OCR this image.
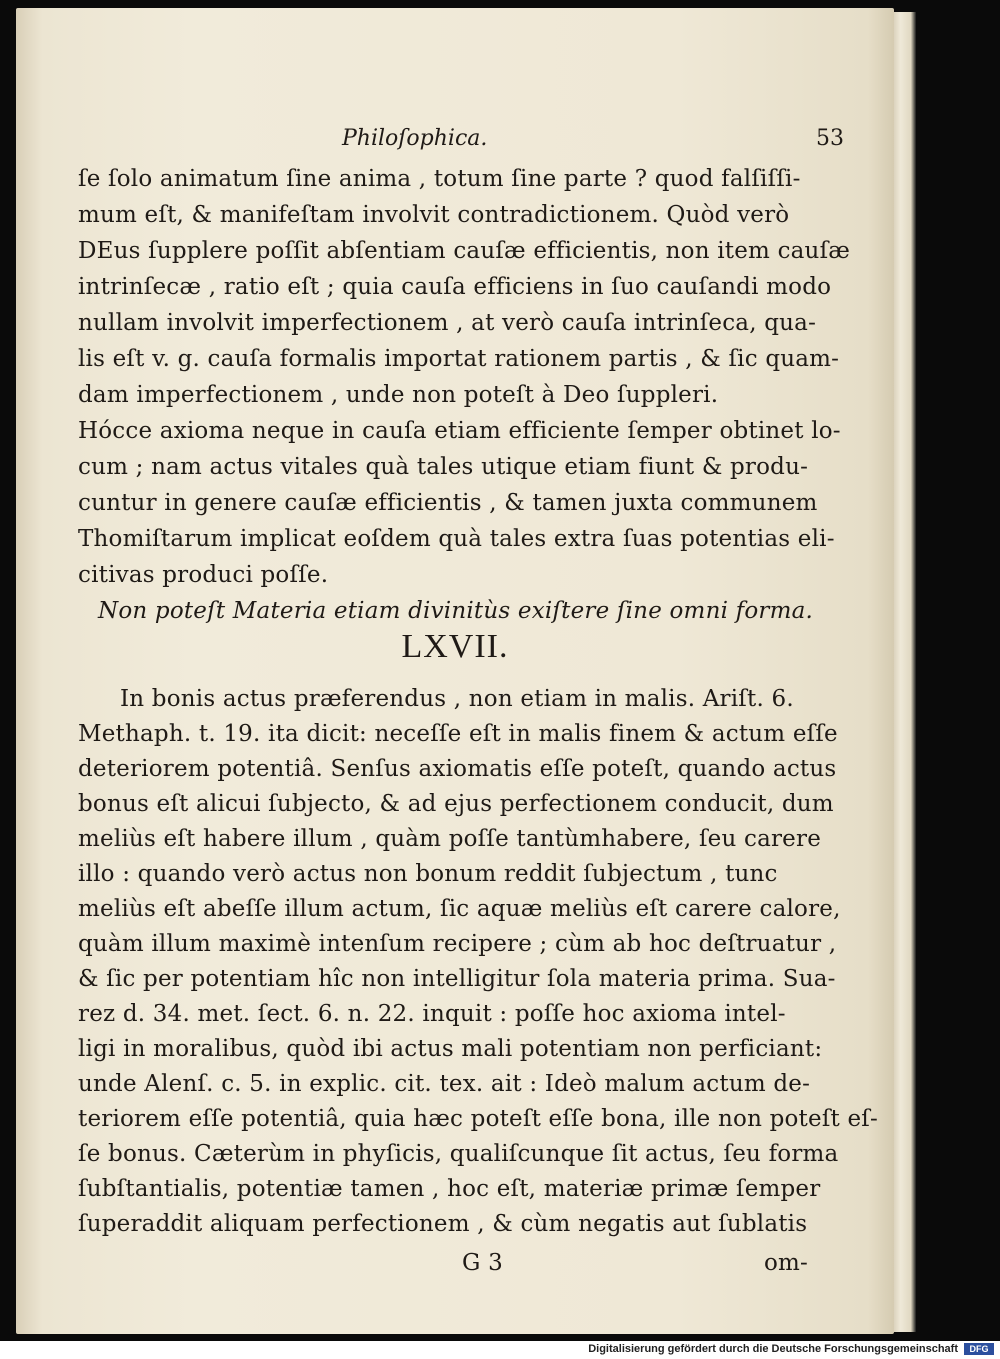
Philoſophica.	53
ſe ſolo animatum ſine anima , totum ſine parte ? quod falſiſſi-
mum eſt, & manifeſtam involvit contradictionem. Quòd verò
DEus ſupplere poſſit abſentiam cauſæ efficientis, non item cauſæ
intrinſecæ , ratio eſt ; quia cauſa efficiens in ſuo cauſandi modo
nullam involvit imperfectionem , at verò cauſa intrinſeca, qua-
lis eſt v. g. cauſa formalis importat rationem partis , & ſic quam-
dam imperfectionem , unde non poteſt à Deo ſuppleri.
Hócce axioma neque in cauſa etiam efficiente ſemper obtinet lo-
cum ; nam actus vitales quà tales utique etiam fiunt & produ-
cuntur in genere cauſæ efficientis , & tamen juxta communem
Thomiſtarum implicat eoſdem quà tales extra ſuas potentias eli-
citivas produci poſſe.
Non poteſt Materia etiam divinitùs exiſtere ſine omni forma.
LXVII.
In bonis actus præferendus , non etiam in malis. Ariſt. 6.
Methaph. t. 19. ita dicit: neceſſe eſt in malis finem & actum eſſe
deteriorem potentiâ. Senſus axiomatis eſſe poteſt, quando actus
bonus eſt alicui ſubjecto, & ad ejus perfectionem conducit, dum
meliùs eſt habere illum , quàm poſſe tantùmhabere, ſeu carere
illo : quando verò actus non bonum reddit ſubjectum , tunc
meliùs eſt abeſſe illum actum, ſic aquæ meliùs eſt carere calore,
quàm illum maximè intenſum recipere ; cùm ab hoc deſtruatur ,
& ſic per potentiam hîc non intelligitur ſola materia prima. Sua-
rez d. 34. met. ſect. 6. n. 22. inquit : poſſe hoc axioma intel-
ligi in moralibus, quòd ibi actus mali potentiam non perficiant:
unde Alenſ. c. 5. in explic. cit. tex. ait : Ideò malum actum de-
teriorem eſſe potentiâ, quia hæc poteſt eſſe bona, ille non poteſt eſ-
ſe bonus. Cæterùm in phyſicis, qualiſcunque ſit actus, ſeu forma
ſubſtantialis, potentiæ tamen , hoc eſt, materiæ primæ ſemper
ſuperaddit aliquam perfectionem , & cùm negatis aut ſublatis
G 3	om-
Digitalisierung gefördert durch die Deutsche Forschungsgemeinschaft	DFG
